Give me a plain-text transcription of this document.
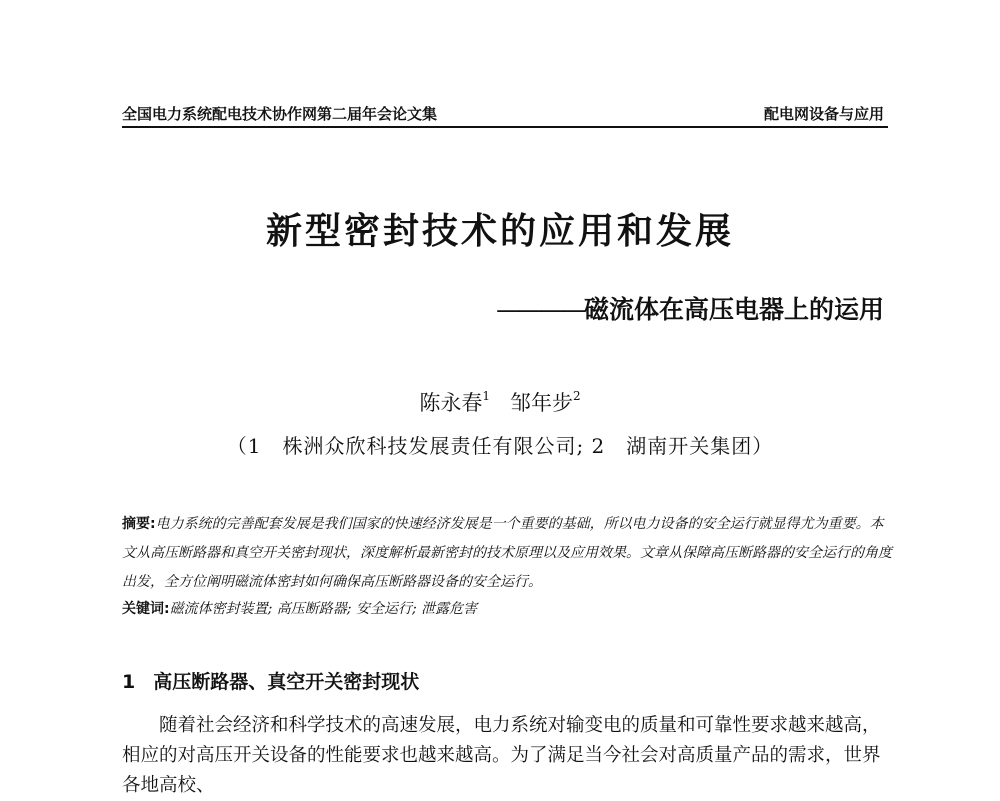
全国电力系统配电技术协作网第二届年会论文集	配电网设备与应用
新型密封技术的应用和发展
————磁流体在高压电器上的运用
陈永春$^1$ 邹年步$^2$
（1　株洲众欣科技发展责任有限公司; 2　湖南开关集团）
摘要:电力系统的完善配套发展是我们国家的快速经济发展是一个重要的基础，所以电力设备的安全运行就显得尤为重要。本文从高压断路器和真空开关密封现状，深度解析最新密封的技术原理以及应用效果。文章从保障高压断路器的安全运行的角度出发，全方位阐明磁流体密封如何确保高压断路器设备的安全运行。
关键词:磁流体密封装置; 高压断路器; 安全运行; 泄露危害
1 高压断路器、真空开关密封现状
随着社会经济和科学技术的高速发展，电力系统对输变电的质量和可靠性要求越来越高，相应的对高压开关设备的性能要求也越来越高。为了满足当今社会对高质量产品的需求，世界各地高校、
